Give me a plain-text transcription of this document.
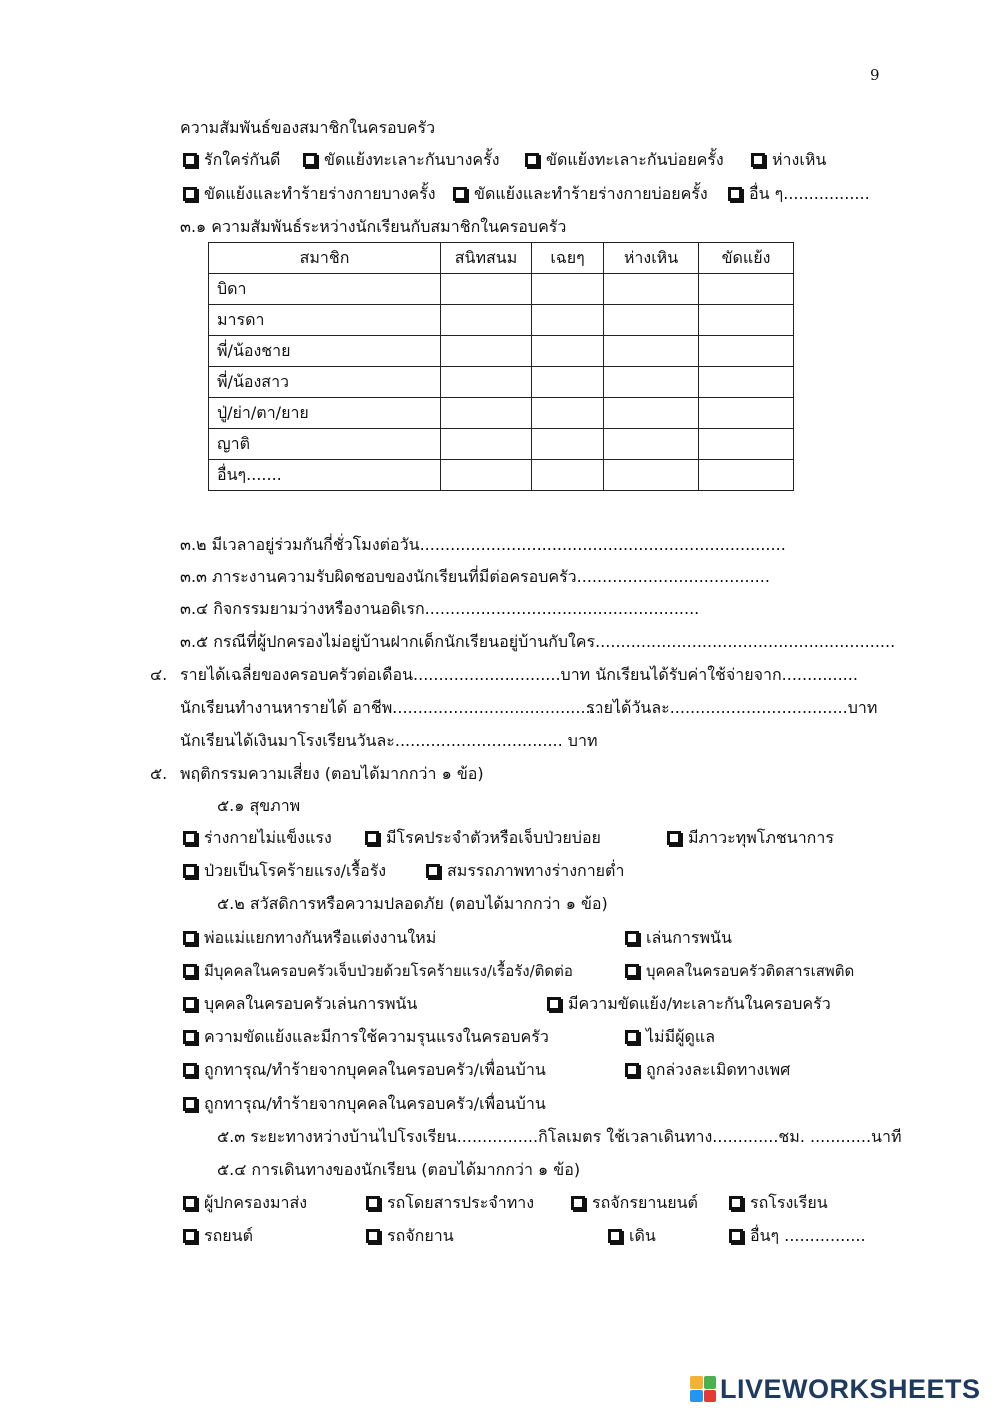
9
ความสัมพันธ์ของสมาชิกในครอบครัว
รักใคร่กันดี	ขัดแย้งทะเลาะกันบางครั้ง	ขัดแย้งทะเลาะกันบ่อยครั้ง	ห่างเหิน
ขัดแย้งและทำร้ายร่างกายบางครั้ง	ขัดแย้งและทำร้ายร่างกายบ่อยครั้ง	อื่น ๆ.................
๓.๑ ความสัมพันธ์ระหว่างนักเรียนกับสมาชิกในครอบครัว
สมาชิก	สนิทสนม	เฉยๆ	ห่างเหิน	ขัดแย้ง
บิดา				
มารดา				
พี่/น้องชาย				
พี่/น้องสาว				
ปู่/ย่า/ตา/ยาย				
ญาติ				
อื่นๆ.......				
๓.๒ มีเวลาอยู่ร่วมกันกี่ชั่วโมงต่อวัน........................................................................
๓.๓ ภาระงานความรับผิดชอบของนักเรียนที่มีต่อครอบครัว......................................
๓.๔ กิจกรรมยามว่างหรืองานอดิเรก......................................................
๓.๕ กรณีที่ผู้ปกครองไม่อยู่บ้านฝากเด็กนักเรียนอยู่บ้านกับใคร...........................................................
๔. รายได้เฉลี่ยของครอบครัวต่อเดือน.............................บาท นักเรียนได้รับค่าใช้จ่ายจาก...............
นักเรียนทำงานหารายได้ อาชีพ.........................................
รายได้วันละ...................................บาท
นักเรียนได้เงินมาโรงเรียนวันละ................................. บาท
๕. พฤติกรรมความเสี่ยง (ตอบได้มากกว่า ๑ ข้อ)
๕.๑ สุขภาพ
ร่างกายไม่แข็งแรง	มีโรคประจำตัวหรือเจ็บป่วยบ่อย	มีภาวะทุพโภชนาการ
ป่วยเป็นโรคร้ายแรง/เรื้อรัง	สมรรถภาพทางร่างกายต่ำ
๕.๒ สวัสดิการหรือความปลอดภัย (ตอบได้มากกว่า ๑ ข้อ)
พ่อแม่แยกทางกันหรือแต่งงานใหม่	เล่นการพนัน
มีบุคคลในครอบครัวเจ็บป่วยด้วยโรคร้ายแรง/เรื้อรัง/ติดต่อ	บุคคลในครอบครัวติดสารเสพติด
บุคคลในครอบครัวเล่นการพนัน	มีความขัดแย้ง/ทะเลาะกันในครอบครัว
ความขัดแย้งและมีการใช้ความรุนแรงในครอบครัว	ไม่มีผู้ดูแล
ถูกทารุณ/ทำร้ายจากบุคคลในครอบครัว/เพื่อนบ้าน	ถูกล่วงละเมิดทางเพศ
ถูกทารุณ/ทำร้ายจากบุคคลในครอบครัว/เพื่อนบ้าน
๕.๓ ระยะทางหว่างบ้านไปโรงเรียน................กิโลเมตร ใช้เวลาเดินทาง.............ชม. ............นาที
๕.๔ การเดินทางของนักเรียน (ตอบได้มากกว่า ๑ ข้อ)
ผู้ปกครองมาส่ง	รถโดยสารประจำทาง	รถจักรยานยนต์	รถโรงเรียน
รถยนต์	รถจักยาน	เดิน	อื่นๆ ................
LIVEWORKSHEETS
